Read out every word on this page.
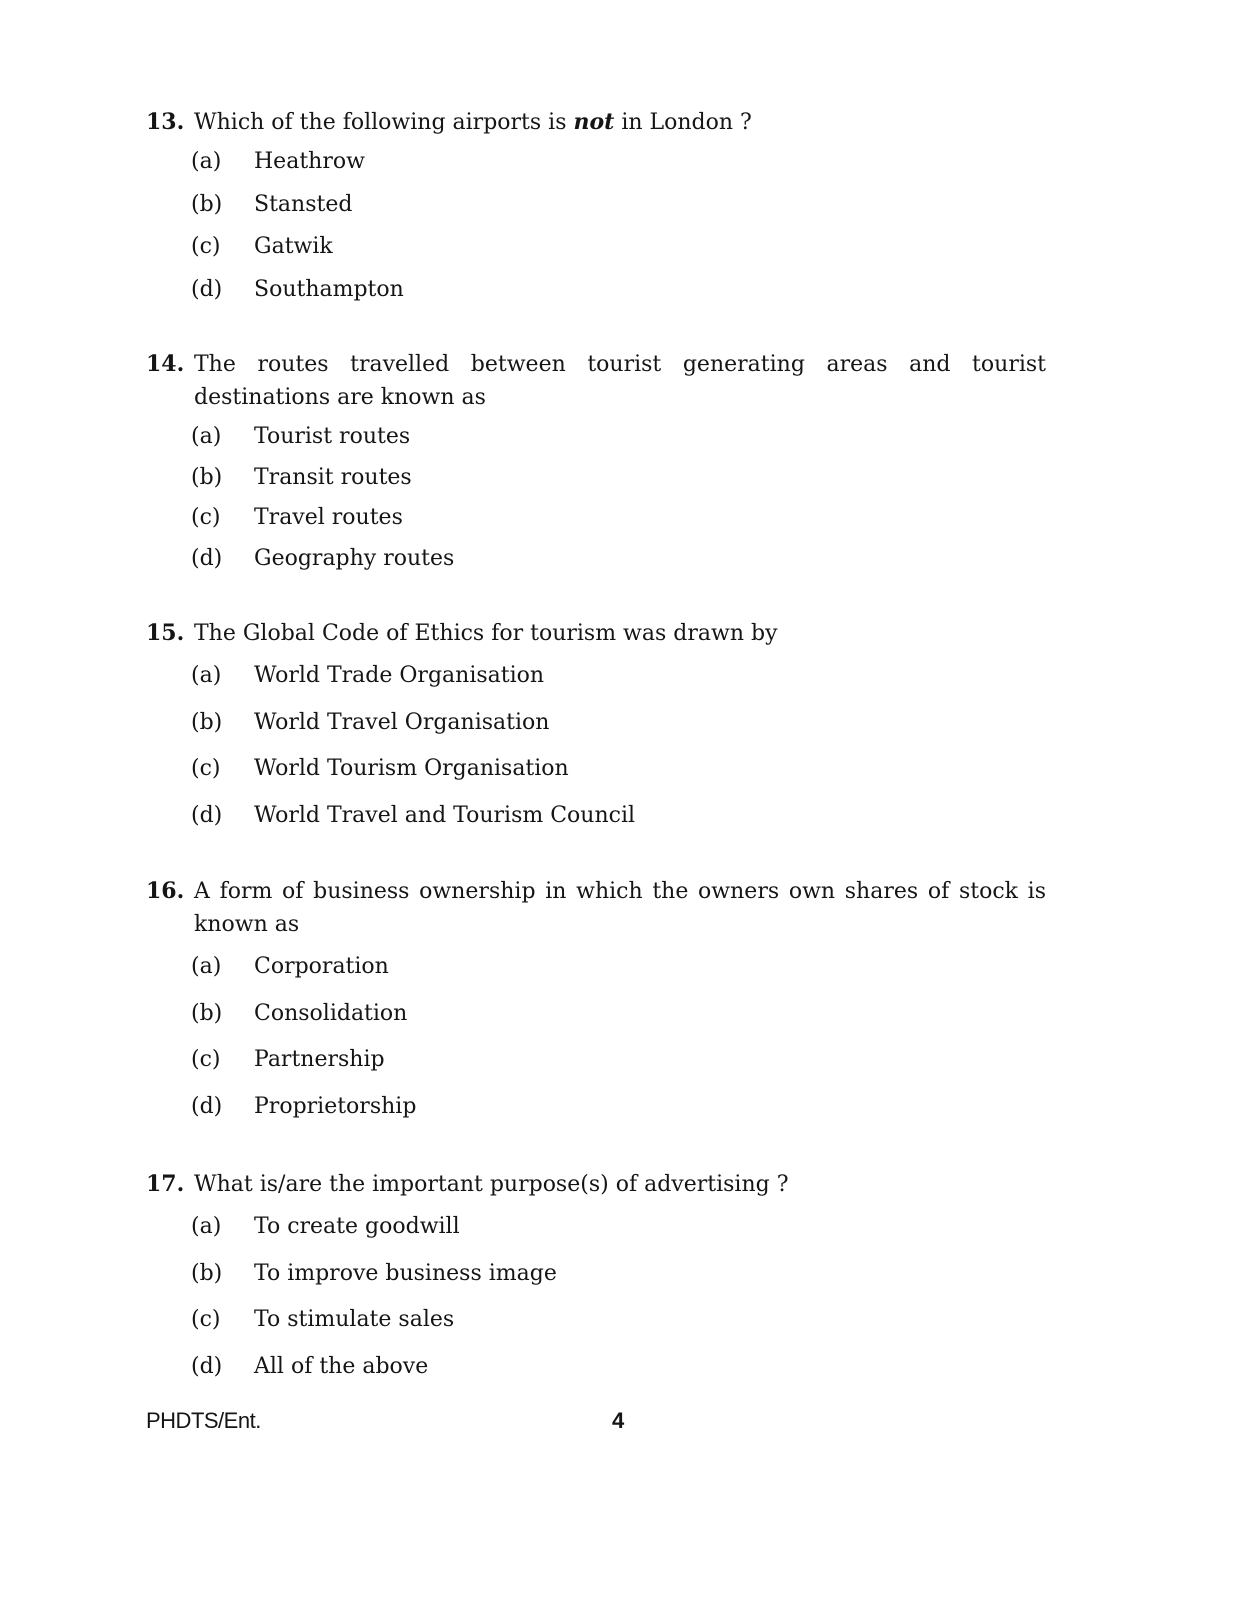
13. Which of the following airports is not in London ?
(a) Heathrow
(b) Stansted
(c) Gatwik
(d) Southampton
14. The routes travelled between tourist generating areas and tourist destinations are known as
(a) Tourist routes
(b) Transit routes
(c) Travel routes
(d) Geography routes
15. The Global Code of Ethics for tourism was drawn by
(a) World Trade Organisation
(b) World Travel Organisation
(c) World Tourism Organisation
(d) World Travel and Tourism Council
16. A form of business ownership in which the owners own shares of stock is known as
(a) Corporation
(b) Consolidation
(c) Partnership
(d) Proprietorship
17. What is/are the important purpose(s) of advertising ?
(a) To create goodwill
(b) To improve business image
(c) To stimulate sales
(d) All of the above
PHDTS/Ent.	4
